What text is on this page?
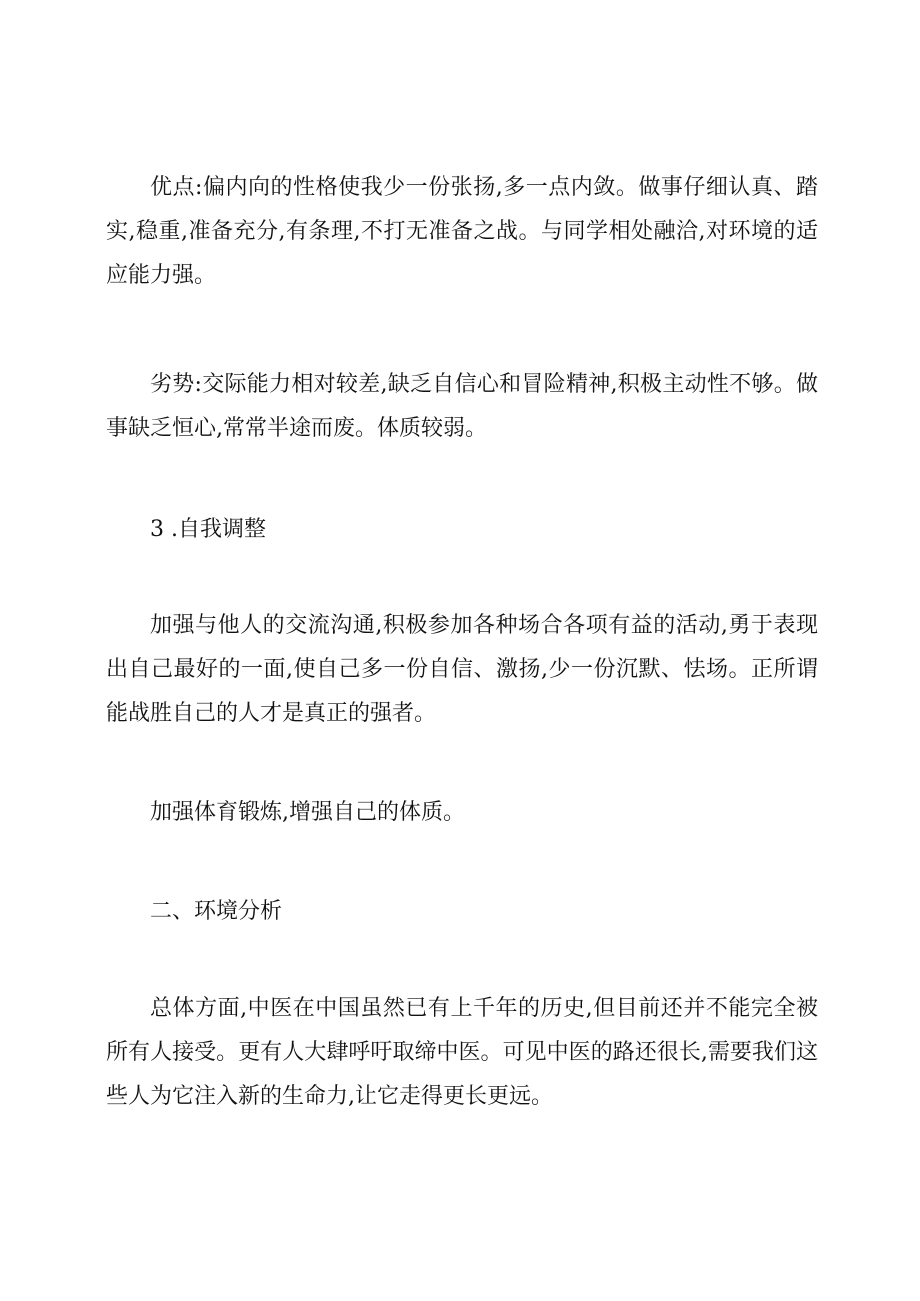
优点:偏内向的性格使我少一份张扬,多一点内敛。做事仔细认真、踏实,稳重,准备充分,有条理,不打无准备之战。与同学相处融洽,对环境的适应能力强。

劣势:交际能力相对较差,缺乏自信心和冒险精神,积极主动性不够。做事缺乏恒心,常常半途而废。体质较弱。

3 .自我调整

加强与他人的交流沟通,积极参加各种场合各项有益的活动,勇于表现出自己最好的一面,使自己多一份自信、激扬,少一份沉默、怯场。正所谓能战胜自己的人才是真正的强者。

加强体育锻炼,增强自己的体质。

二、环境分析

总体方面,中医在中国虽然已有上千年的历史,但目前还并不能完全被所有人接受。更有人大肆呼吁取缔中医。可见中医的路还很长,需要我们这些人为它注入新的生命力,让它走得更长更远。
